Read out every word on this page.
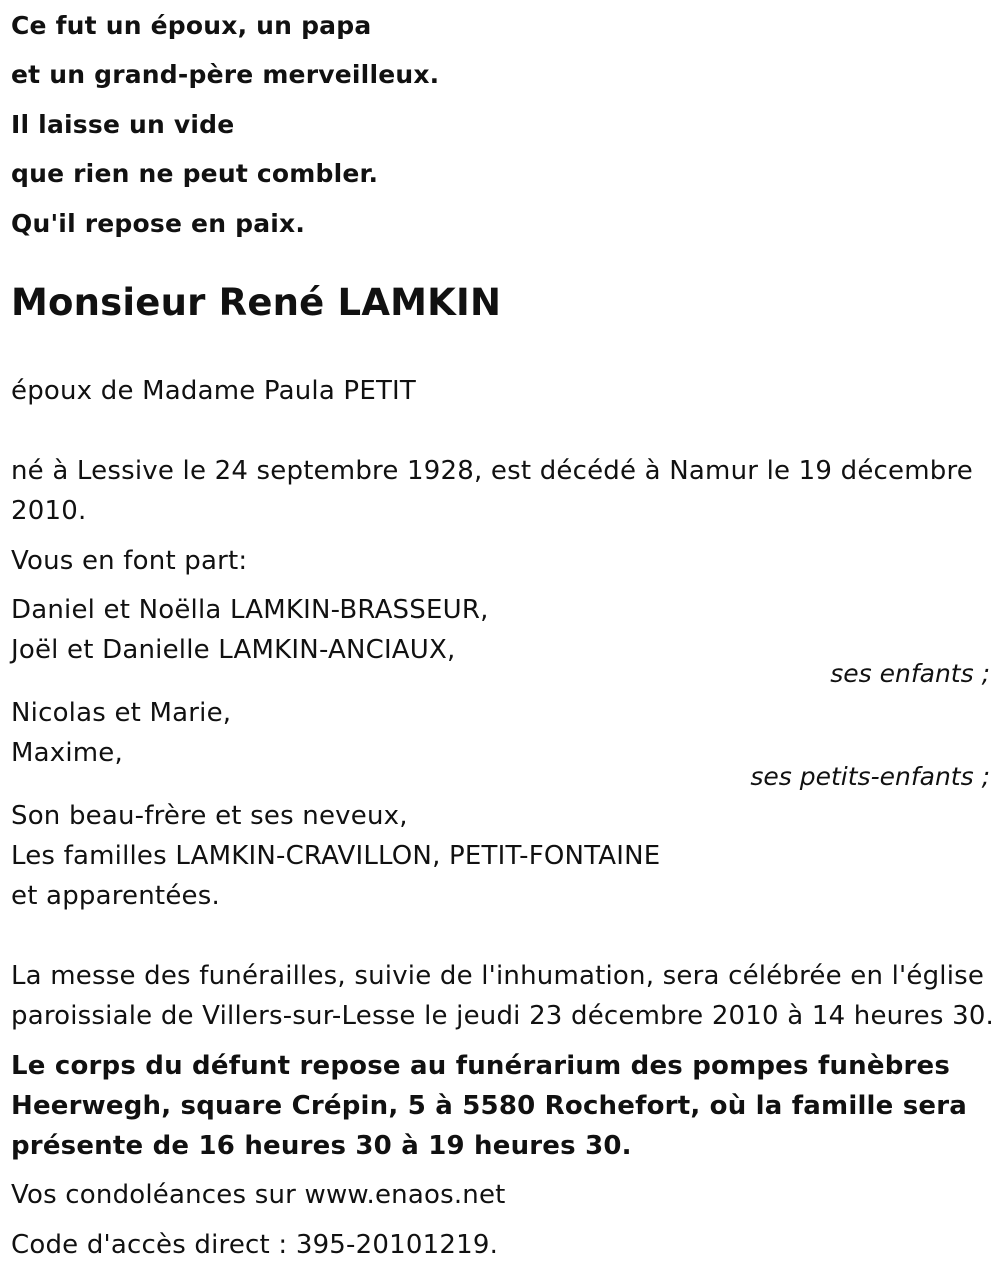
Ce fut un époux, un papa
et un grand-père merveilleux.
Il laisse un vide
que rien ne peut combler.
Qu'il repose en paix.
Monsieur René LAMKIN
époux de Madame Paula PETIT
né à Lessive le 24 septembre 1928, est décédé à Namur le 19 décembre
2010.
Vous en font part:
Daniel et Noëlla LAMKIN-BRASSEUR,
Joël et Danielle LAMKIN-ANCIAUX,
ses enfants ;
Nicolas et Marie,
Maxime,
ses petits-enfants ;
Son beau-frère et ses neveux,
Les familles LAMKIN-CRAVILLON, PETIT-FONTAINE
et apparentées.
La messe des funérailles, suivie de l'inhumation, sera célébrée en l'église
paroissiale de Villers-sur-Lesse le jeudi 23 décembre 2010 à 14 heures 30.
Le corps du défunt repose au funérarium des pompes funèbres
Heerwegh, square Crépin, 5 à 5580 Rochefort, où la famille sera
présente de 16 heures 30 à 19 heures 30.
Vos condoléances sur www.enaos.net
Code d'accès direct : 395-20101219.
